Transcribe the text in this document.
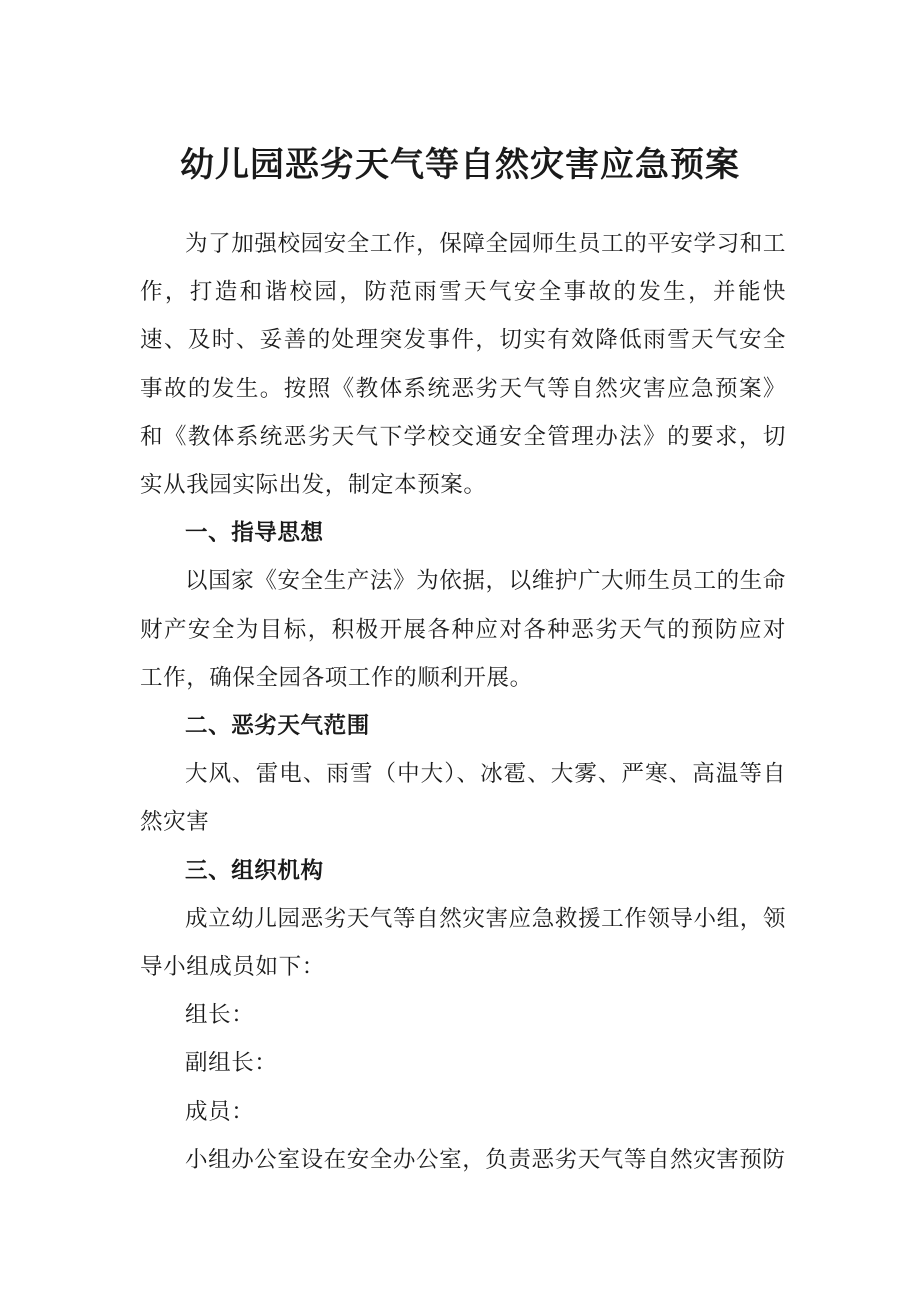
幼儿园恶劣天气等自然灾害应急预案

为了加强校园安全工作，保障全园师生员工的平安学习和工作，打造和谐校园，防范雨雪天气安全事故的发生，并能快速、及时、妥善的处理突发事件，切实有效降低雨雪天气安全事故的发生。按照《教体系统恶劣天气等自然灾害应急预案》和《教体系统恶劣天气下学校交通安全管理办法》的要求，切实从我园实际出发，制定本预案。

一、指导思想

以国家《安全生产法》为依据，以维护广大师生员工的生命财产安全为目标，积极开展各种应对各种恶劣天气的预防应对工作，确保全园各项工作的顺利开展。

二、恶劣天气范围

大风、雷电、雨雪（中大）、冰雹、大雾、严寒、高温等自然灾害

三、组织机构

成立幼儿园恶劣天气等自然灾害应急救援工作领导小组，领导小组成员如下：

组长：

副组长：

成员：

小组办公室设在安全办公室，负责恶劣天气等自然灾害预防
